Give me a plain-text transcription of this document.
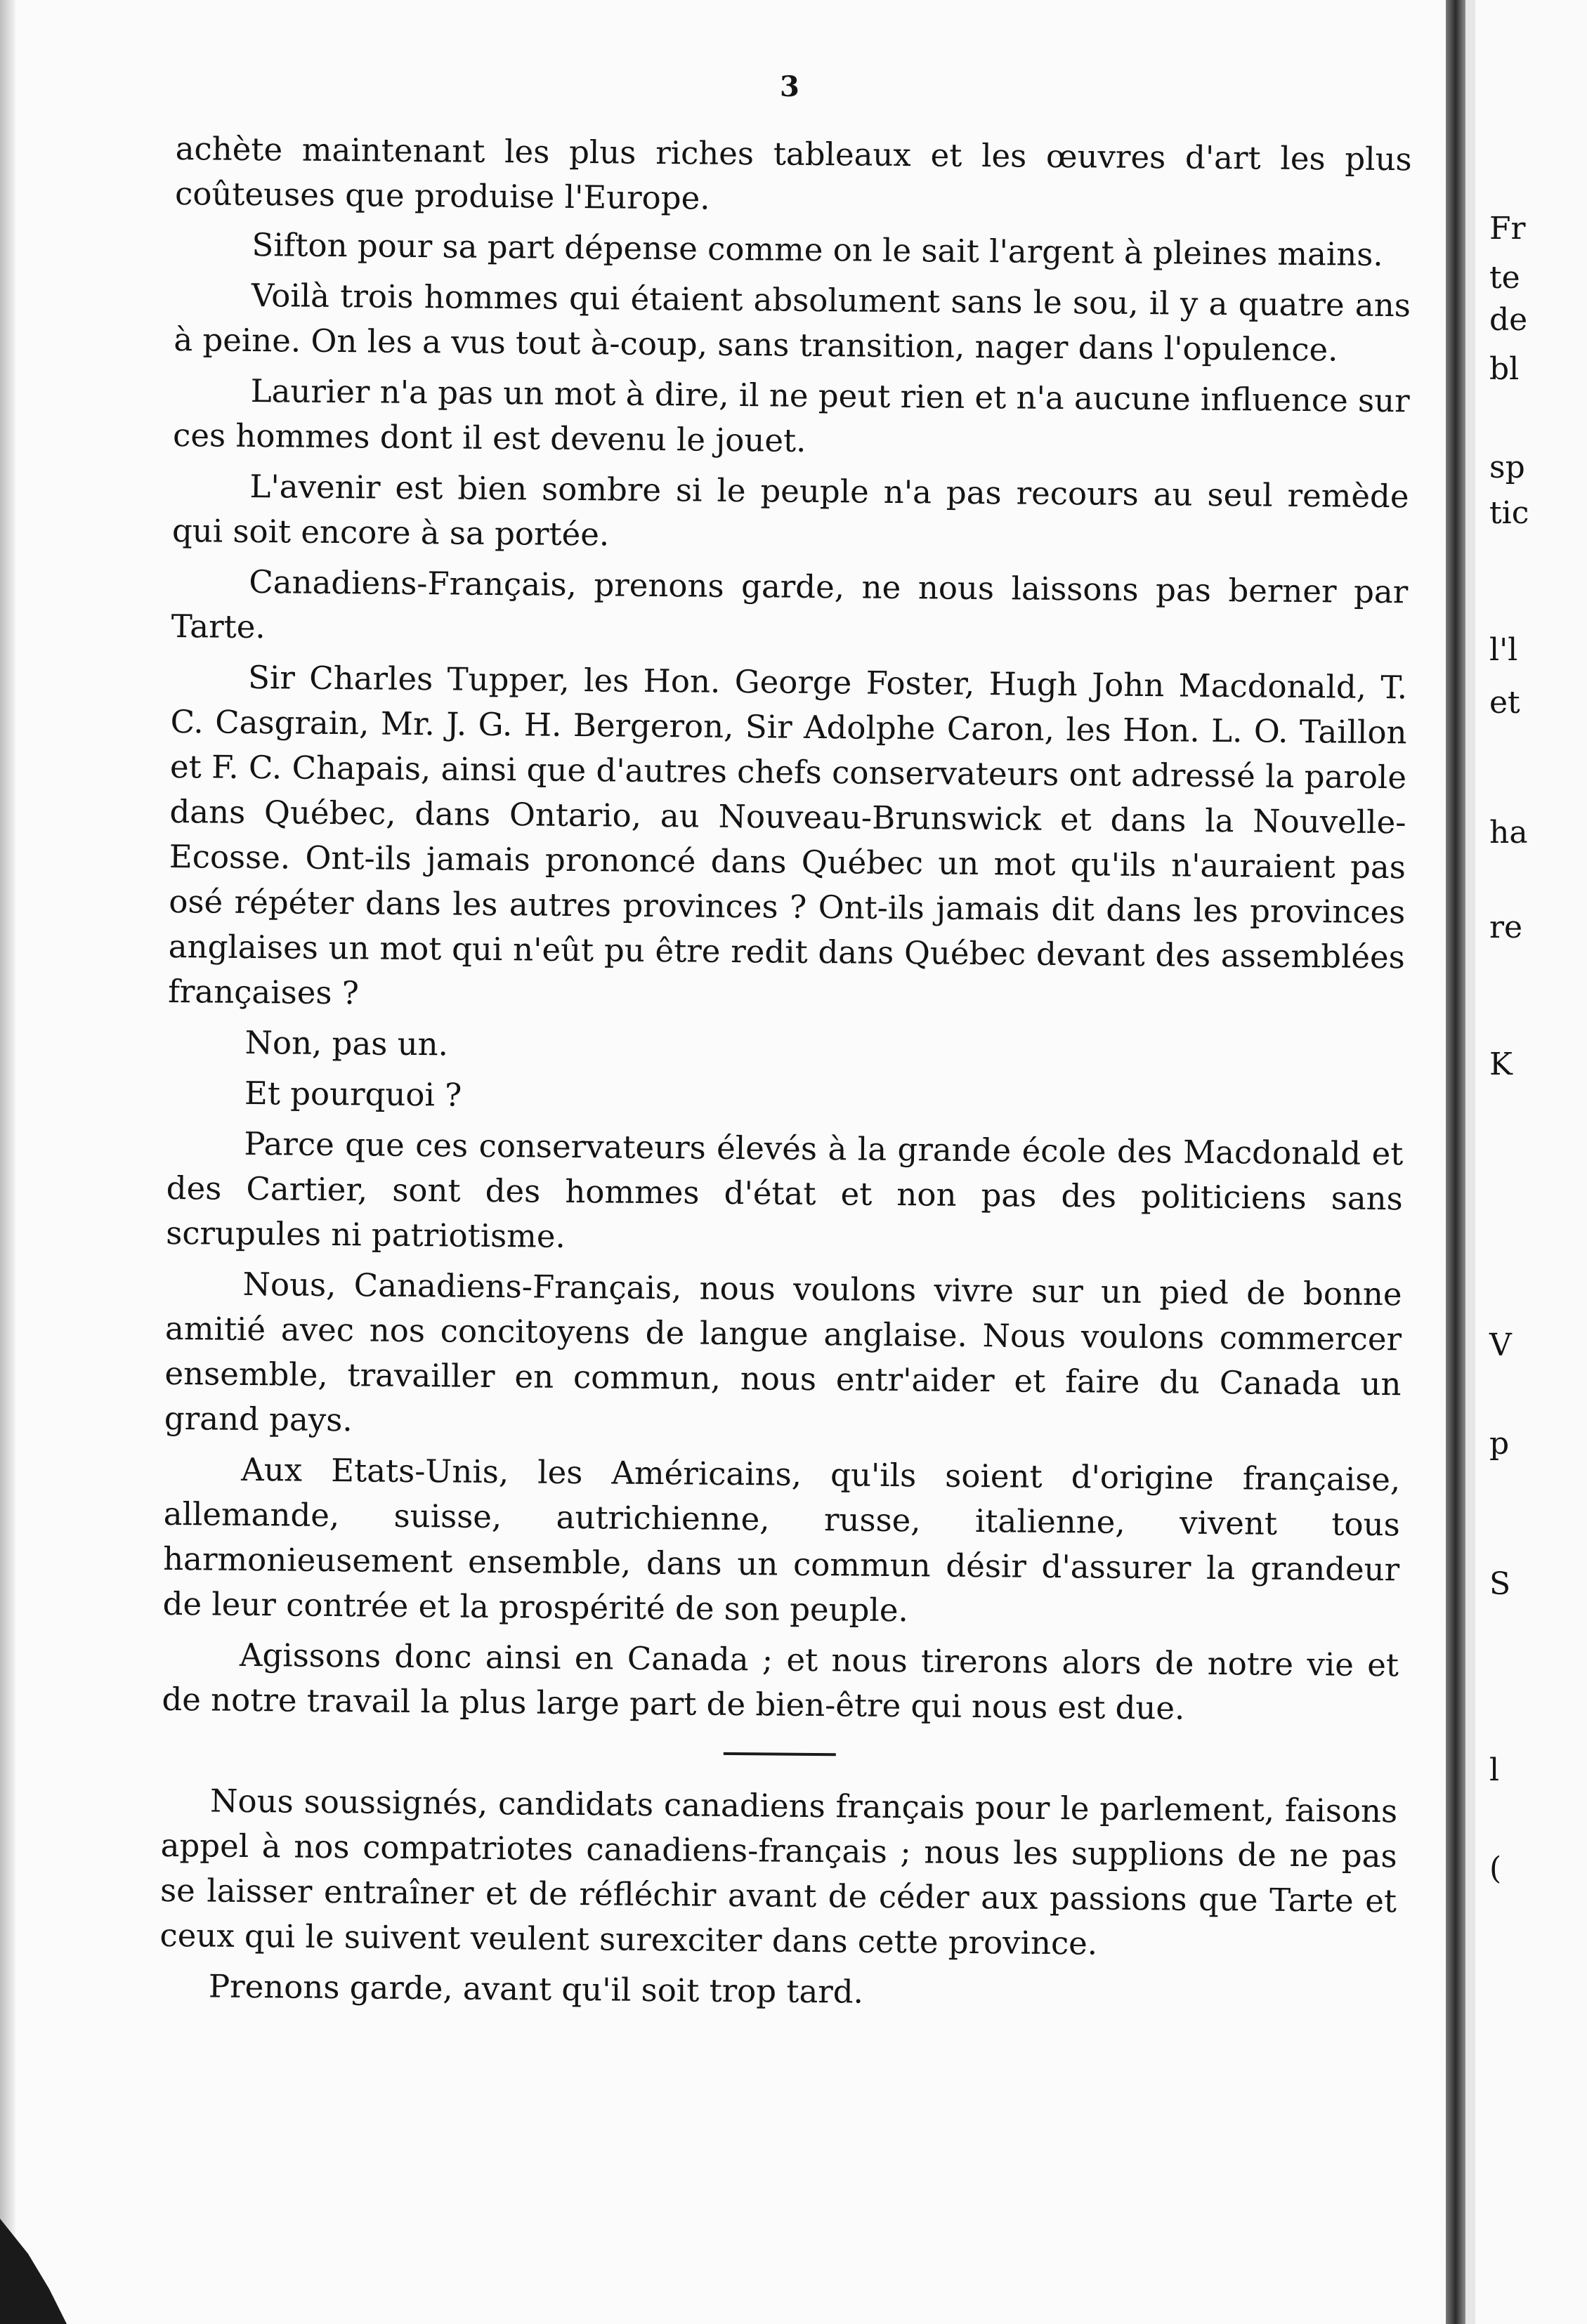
3

achète maintenant les plus riches tableaux et les œuvres d'art les plus coûteuses que produise l'Europe.

Sifton pour sa part dépense comme on le sait l'argent à pleines mains.

Voilà trois hommes qui étaient absolument sans le sou, il y a quatre ans à peine. On les a vus tout à-coup, sans transition, nager dans l'opulence.

Laurier n'a pas un mot à dire, il ne peut rien et n'a aucune influence sur ces hommes dont il est devenu le jouet.

L'avenir est bien sombre si le peuple n'a pas recours au seul remède qui soit encore à sa portée.

Canadiens-Français, prenons garde, ne nous laissons pas berner par Tarte.

Sir Charles Tupper, les Hon. George Foster, Hugh John Macdonald, T. C. Casgrain, Mr. J. G. H. Bergeron, Sir Adolphe Caron, les Hon. L. O. Taillon et F. C. Chapais, ainsi que d'autres chefs conservateurs ont adressé la parole dans Québec, dans Ontario, au Nouveau-Brunswick et dans la Nouvelle-Ecosse. Ont-ils jamais prononcé dans Québec un mot qu'ils n'auraient pas osé répéter dans les autres provinces ? Ont-ils jamais dit dans les provinces anglaises un mot qui n'eût pu être redit dans Québec devant des assemblées françaises ?

Non, pas un.

Et pourquoi ?

Parce que ces conservateurs élevés à la grande école des Macdonald et des Cartier, sont des hommes d'état et non pas des politiciens sans scrupules ni patriotisme.

Nous, Canadiens-Français, nous voulons vivre sur un pied de bonne amitié avec nos concitoyens de langue anglaise. Nous voulons commercer ensemble, travailler en commun, nous entr'aider et faire du Canada un grand pays.

Aux Etats-Unis, les Américains, qu'ils soient d'origine française, allemande, suisse, autrichienne, russe, italienne, vivent tous harmonieusement ensemble, dans un commun désir d'assurer la grandeur de leur contrée et la prospérité de son peuple.

Agissons donc ainsi en Canada ; et nous tirerons alors de notre vie et de notre travail la plus large part de bien-être qui nous est due.

Nous soussignés, candidats canadiens français pour le parlement, faisons appel à nos compatriotes canadiens-français ; nous les supplions de ne pas se laisser entraîner et de réfléchir avant de céder aux passions que Tarte et ceux qui le suivent veulent surexciter dans cette province.

Prenons garde, avant qu'il soit trop tard.

Fr
te
de
bl
sp
tic
l'l
et
ha
re
K
V
p
S
l
(
